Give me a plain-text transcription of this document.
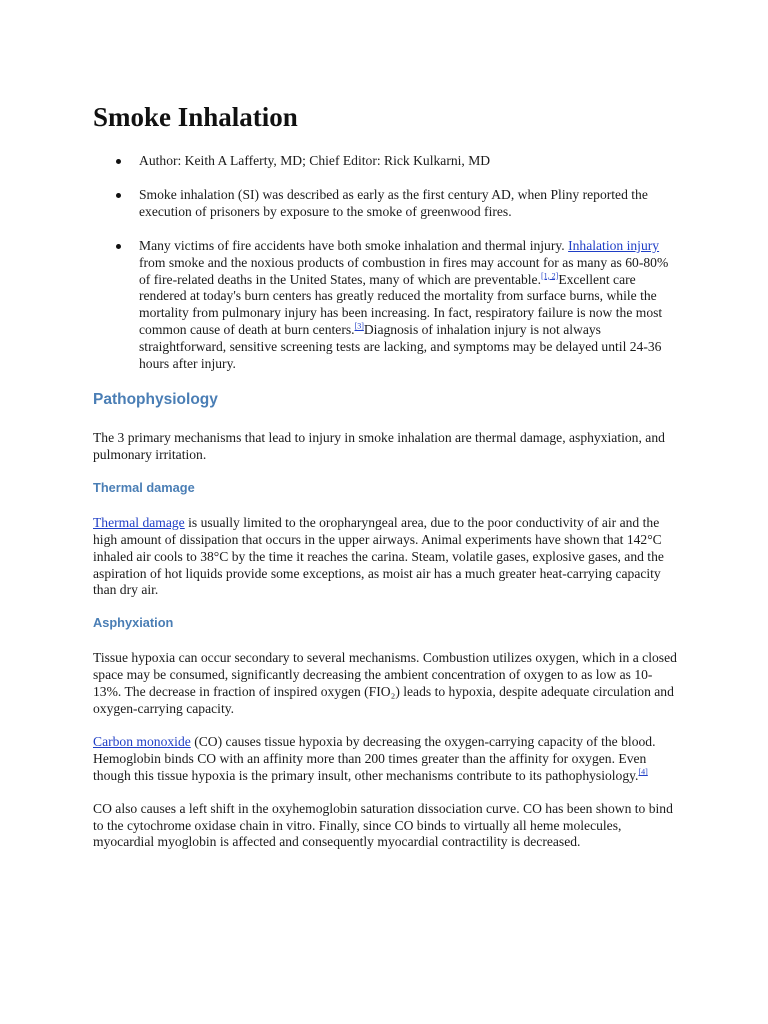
Smoke Inhalation
Author: Keith A Lafferty, MD; Chief Editor: Rick Kulkarni, MD
Smoke inhalation (SI) was described as early as the first century AD, when Pliny reported the execution of prisoners by exposure to the smoke of greenwood fires.
Many victims of fire accidents have both smoke inhalation and thermal injury. Inhalation injury from smoke and the noxious products of combustion in fires may account for as many as 60-80% of fire-related deaths in the United States, many of which are preventable.[1, 2]Excellent care rendered at today's burn centers has greatly reduced the mortality from surface burns, while the mortality from pulmonary injury has been increasing. In fact, respiratory failure is now the most common cause of death at burn centers.[3]Diagnosis of inhalation injury is not always straightforward, sensitive screening tests are lacking, and symptoms may be delayed until 24-36 hours after injury.
Pathophysiology

The 3 primary mechanisms that lead to injury in smoke inhalation are thermal damage, asphyxiation, and pulmonary irritation.

Thermal damage

Thermal damage is usually limited to the oropharyngeal area, due to the poor conductivity of air and the high amount of dissipation that occurs in the upper airways. Animal experiments have shown that 142°C inhaled air cools to 38°C by the time it reaches the carina. Steam, volatile gases, explosive gases, and the aspiration of hot liquids provide some exceptions, as moist air has a much greater heat-carrying capacity than dry air.

Asphyxiation

Tissue hypoxia can occur secondary to several mechanisms. Combustion utilizes oxygen, which in a closed space may be consumed, significantly decreasing the ambient concentration of oxygen to as low as 10-13%. The decrease in fraction of inspired oxygen (FIO₂) leads to hypoxia, despite adequate circulation and oxygen-carrying capacity.

Carbon monoxide (CO) causes tissue hypoxia by decreasing the oxygen-carrying capacity of the blood. Hemoglobin binds CO with an affinity more than 200 times greater than the affinity for oxygen. Even though this tissue hypoxia is the primary insult, other mechanisms contribute to its pathophysiology.[4]

CO also causes a left shift in the oxyhemoglobin saturation dissociation curve. CO has been shown to bind to the cytochrome oxidase chain in vitro. Finally, since CO binds to virtually all heme molecules, myocardial myoglobin is affected and consequently myocardial contractility is decreased.
